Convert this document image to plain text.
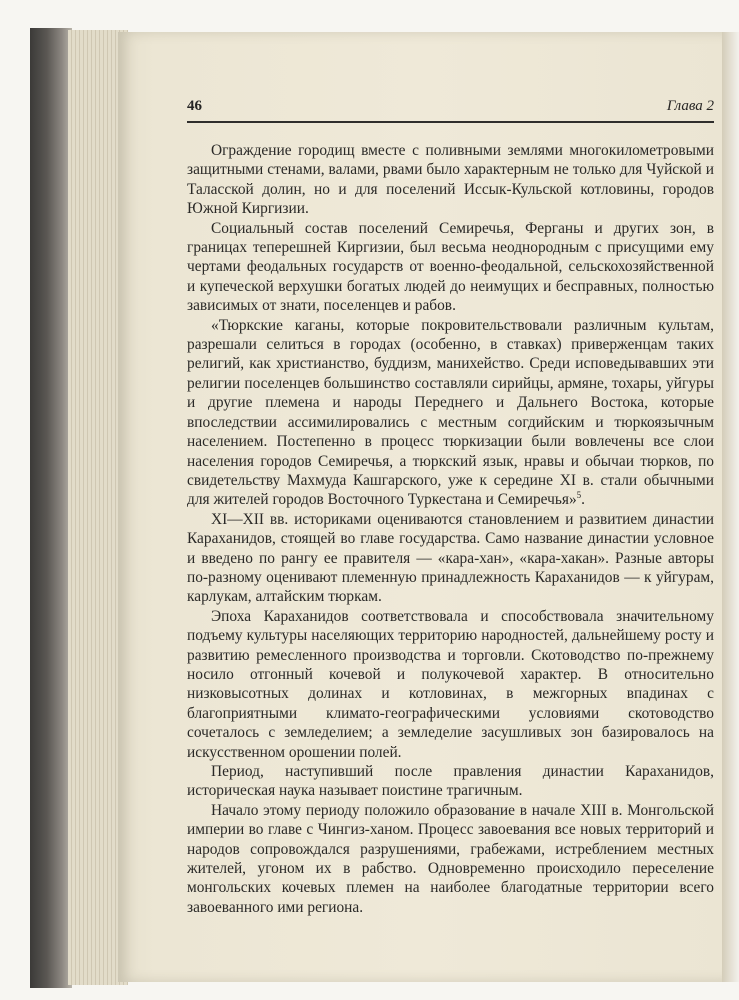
46	Глава 2

Ограждение городищ вместе с поливными землями многокилометровыми защитными стенами, валами, рвами было характерным не только для Чуйской и Таласской долин, но и для поселений Иссык-Кульской котловины, городов Южной Киргизии.

Социальный состав поселений Семиречья, Ферганы и других зон, в границах теперешней Киргизии, был весьма неоднородным с присущими ему чертами феодальных государств от военно-феодальной, сельскохозяйственной и купеческой верхушки богатых людей до неимущих и бесправных, полностью зависимых от знати, поселенцев и рабов.

«Тюркские каганы, которые покровительствовали различным культам, разрешали селиться в городах (особенно, в ставках) приверженцам таких религий, как христианство, буддизм, манихейство. Среди исповедывавших эти религии поселенцев большинство составляли сирийцы, армяне, тохары, уйгуры и другие племена и народы Переднего и Дальнего Востока, которые впоследствии ассимилировались с местным согдийским и тюркоязычным населением. Постепенно в процесс тюркизации были вовлечены все слои населения городов Семиречья, а тюркский язык, нравы и обычаи тюрков, по свидетельству Махмуда Кашгарского, уже к середине XI в. стали обычными для жителей городов Восточного Туркестана и Семиречья»$^5$.

XI—XII вв. историками оцениваются становлением и развитием династии Караханидов, стоящей во главе государства. Само название династии условное и введено по рангу ее правителя — «кара-хан», «кара-хакан». Разные авторы по-разному оценивают племенную принадлежность Караханидов — к уйгурам, карлукам, алтайским тюркам.

Эпоха Караханидов соответствовала и способствовала значительному подъему культуры населяющих территорию народностей, дальнейшему росту и развитию ремесленного производства и торговли. Скотоводство по-прежнему носило отгонный кочевой и полукочевой характер. В относительно низковысотных долинах и котловинах, в межгорных впадинах с благоприятными климато-географическими условиями скотоводство сочеталось с земледелием; а земледелие засушливых зон базировалось на искусственном орошении полей.

Период, наступивший после правления династии Караханидов, историческая наука называет поистине трагичным.

Начало этому периоду положило образование в начале XIII в. Монгольской империи во главе с Чингиз-ханом. Процесс завоевания все новых территорий и народов сопровождался разрушениями, грабежами, истреблением местных жителей, угоном их в рабство. Одновременно происходило переселение монгольских кочевых племен на наиболее благодатные территории всего завоеванного ими региона.
